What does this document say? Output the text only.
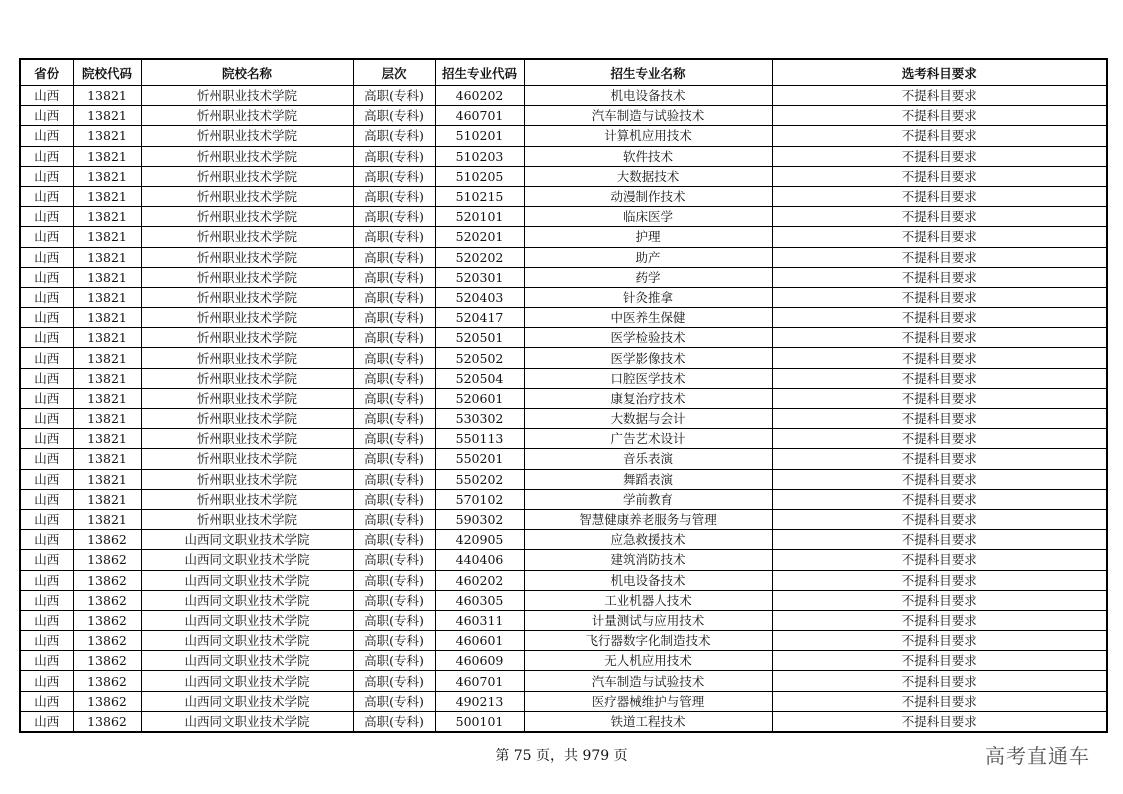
省份	院校代码	院校名称	层次	招生专业代码	招生专业名称	选考科目要求
山西	13821	忻州职业技术学院	高职(专科)	460202	机电设备技术	不提科目要求
山西	13821	忻州职业技术学院	高职(专科)	460701	汽车制造与试验技术	不提科目要求
山西	13821	忻州职业技术学院	高职(专科)	510201	计算机应用技术	不提科目要求
山西	13821	忻州职业技术学院	高职(专科)	510203	软件技术	不提科目要求
山西	13821	忻州职业技术学院	高职(专科)	510205	大数据技术	不提科目要求
山西	13821	忻州职业技术学院	高职(专科)	510215	动漫制作技术	不提科目要求
山西	13821	忻州职业技术学院	高职(专科)	520101	临床医学	不提科目要求
山西	13821	忻州职业技术学院	高职(专科)	520201	护理	不提科目要求
山西	13821	忻州职业技术学院	高职(专科)	520202	助产	不提科目要求
山西	13821	忻州职业技术学院	高职(专科)	520301	药学	不提科目要求
山西	13821	忻州职业技术学院	高职(专科)	520403	针灸推拿	不提科目要求
山西	13821	忻州职业技术学院	高职(专科)	520417	中医养生保健	不提科目要求
山西	13821	忻州职业技术学院	高职(专科)	520501	医学检验技术	不提科目要求
山西	13821	忻州职业技术学院	高职(专科)	520502	医学影像技术	不提科目要求
山西	13821	忻州职业技术学院	高职(专科)	520504	口腔医学技术	不提科目要求
山西	13821	忻州职业技术学院	高职(专科)	520601	康复治疗技术	不提科目要求
山西	13821	忻州职业技术学院	高职(专科)	530302	大数据与会计	不提科目要求
山西	13821	忻州职业技术学院	高职(专科)	550113	广告艺术设计	不提科目要求
山西	13821	忻州职业技术学院	高职(专科)	550201	音乐表演	不提科目要求
山西	13821	忻州职业技术学院	高职(专科)	550202	舞蹈表演	不提科目要求
山西	13821	忻州职业技术学院	高职(专科)	570102	学前教育	不提科目要求
山西	13821	忻州职业技术学院	高职(专科)	590302	智慧健康养老服务与管理	不提科目要求
山西	13862	山西同文职业技术学院	高职(专科)	420905	应急救援技术	不提科目要求
山西	13862	山西同文职业技术学院	高职(专科)	440406	建筑消防技术	不提科目要求
山西	13862	山西同文职业技术学院	高职(专科)	460202	机电设备技术	不提科目要求
山西	13862	山西同文职业技术学院	高职(专科)	460305	工业机器人技术	不提科目要求
山西	13862	山西同文职业技术学院	高职(专科)	460311	计量测试与应用技术	不提科目要求
山西	13862	山西同文职业技术学院	高职(专科)	460601	飞行器数字化制造技术	不提科目要求
山西	13862	山西同文职业技术学院	高职(专科)	460609	无人机应用技术	不提科目要求
山西	13862	山西同文职业技术学院	高职(专科)	460701	汽车制造与试验技术	不提科目要求
山西	13862	山西同文职业技术学院	高职(专科)	490213	医疗器械维护与管理	不提科目要求
山西	13862	山西同文职业技术学院	高职(专科)	500101	铁道工程技术	不提科目要求
第 75 页，共 979 页	高考直通车
